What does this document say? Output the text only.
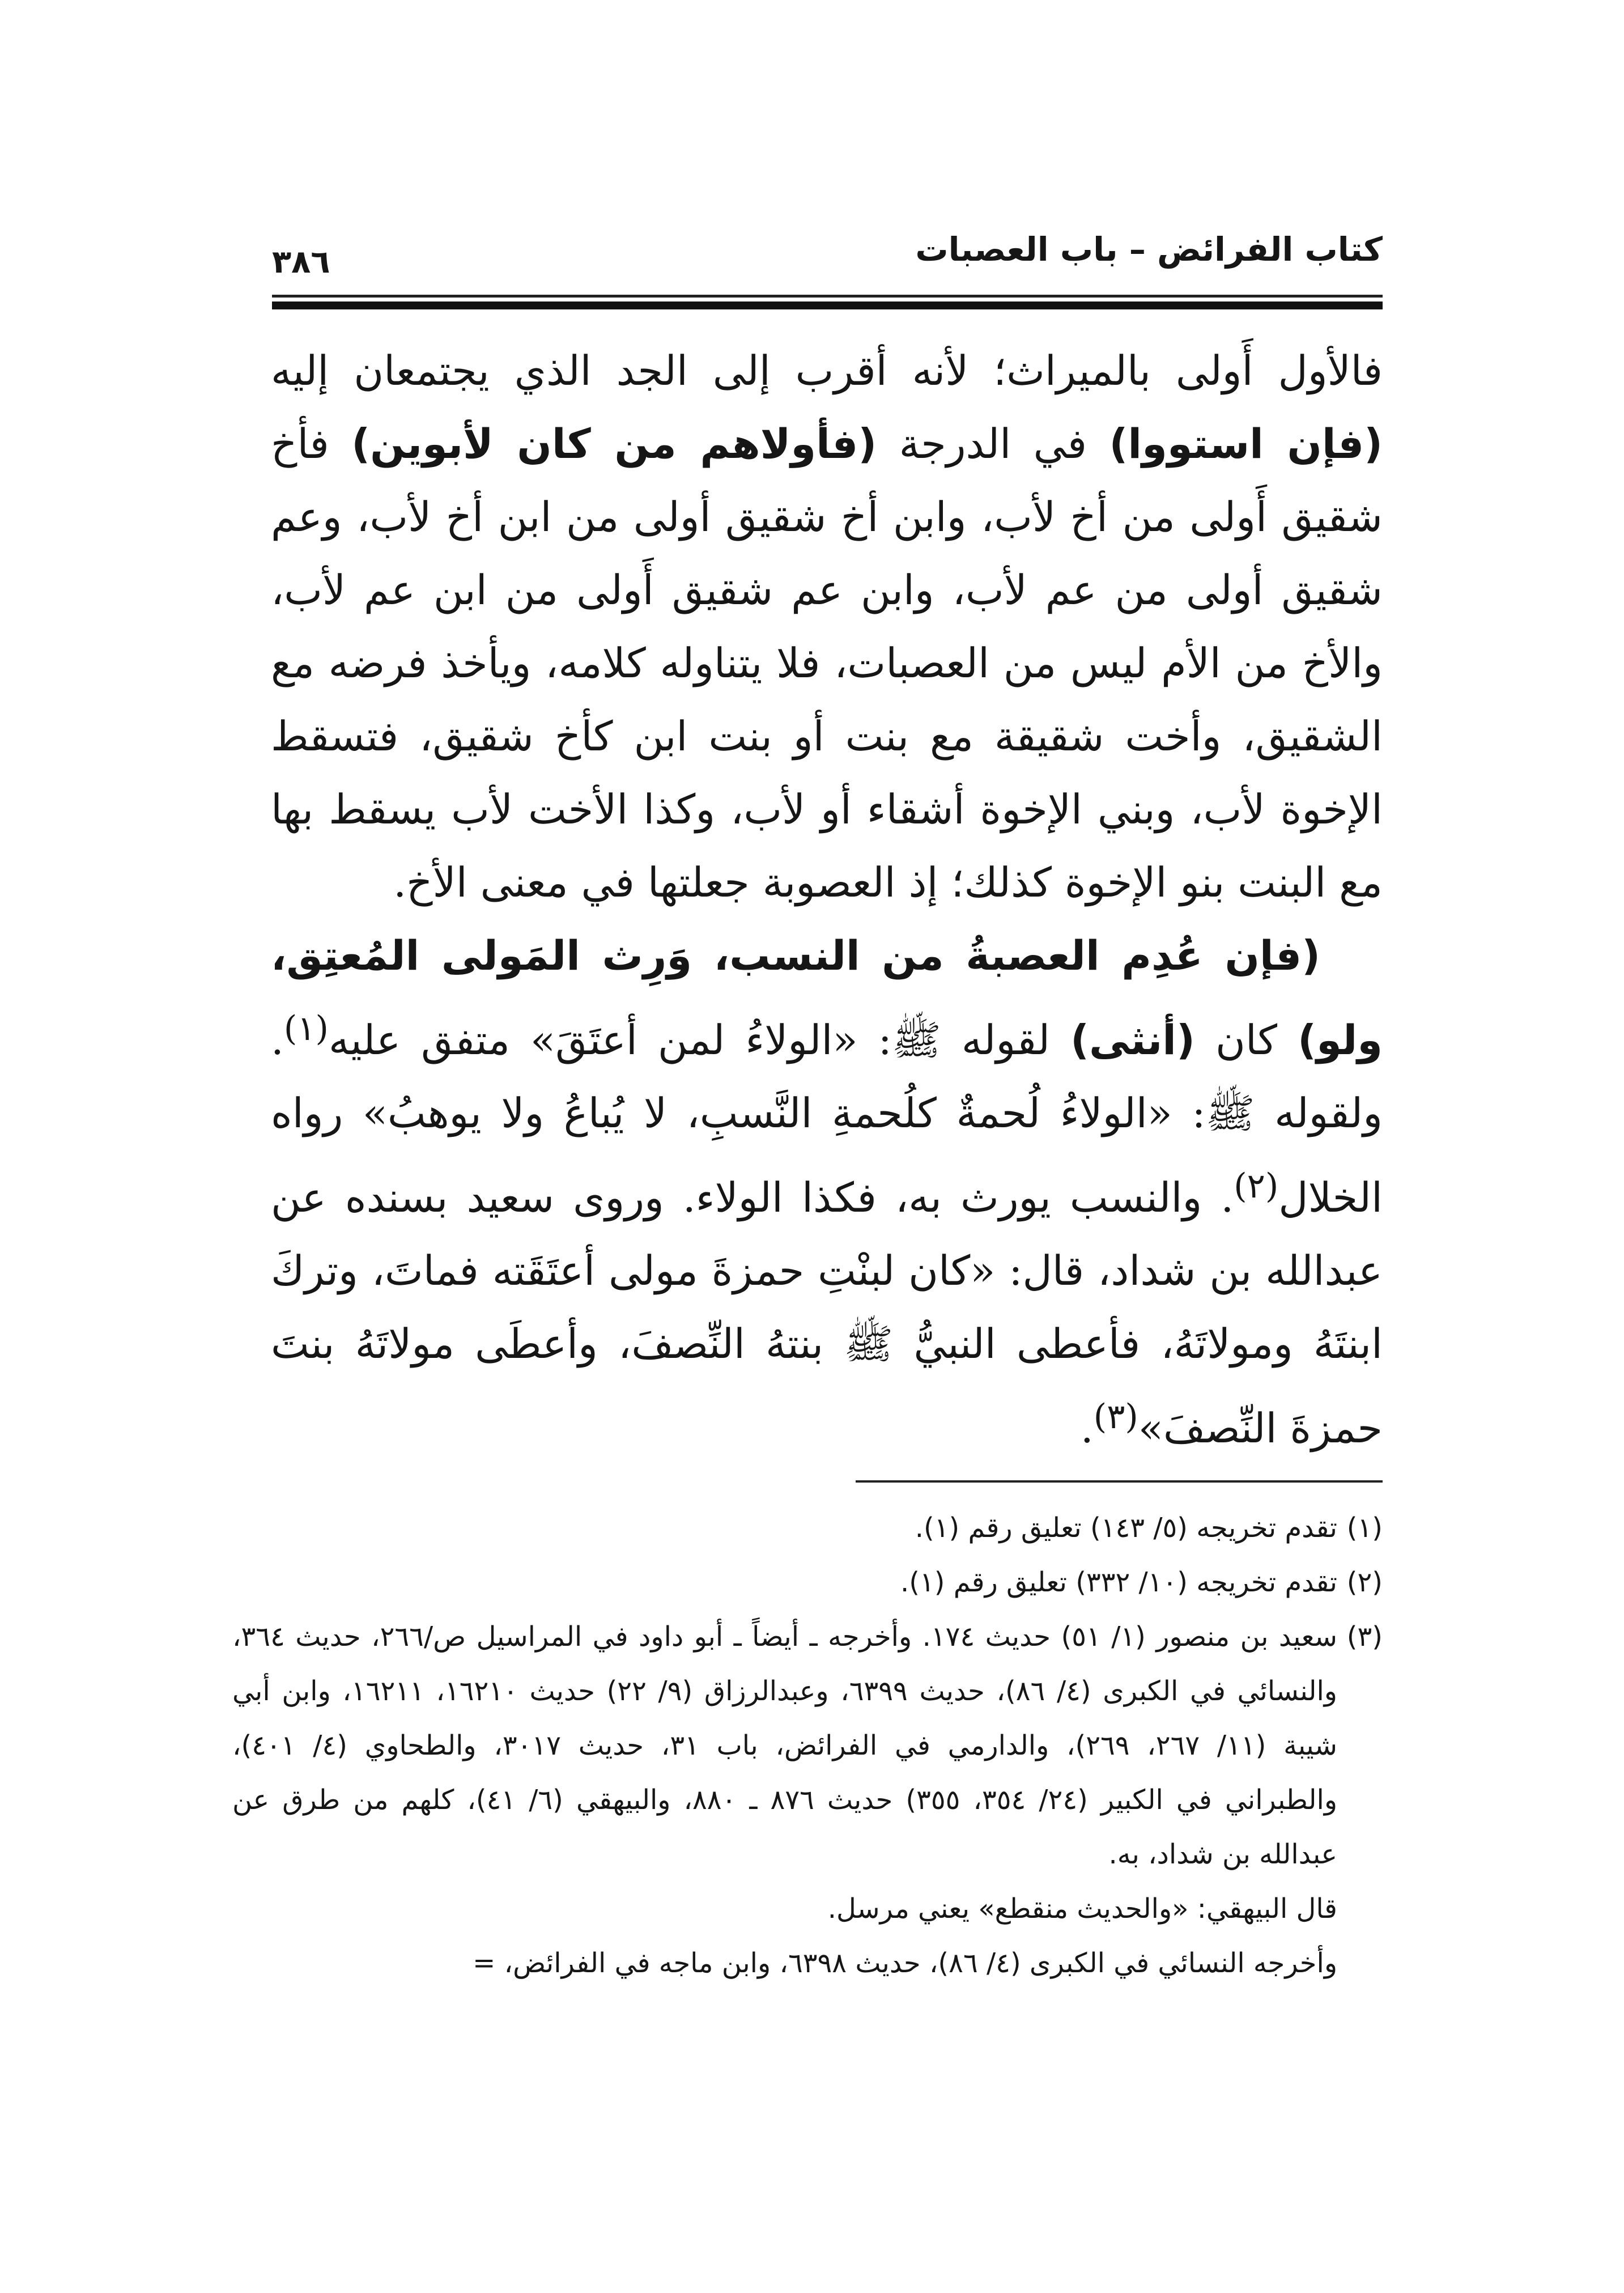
كتاب الفرائض – باب العصبات
٣٨٦

فالأول أَولى بالميراث؛ لأنه أقرب إلى الجد الذي يجتمعان إليه (فإن استووا) في الدرجة (فأولاهم من كان لأبوين) فأخ شقيق أَولى من أخ لأب، وابن أخ شقيق أولى من ابن أخ لأب، وعم شقيق أولى من عم لأب، وابن عم شقيق أَولى من ابن عم لأب، والأخ من الأم ليس من العصبات، فلا يتناوله كلامه، ويأخذ فرضه مع الشقيق، وأخت شقيقة مع بنت أو بنت ابن كأخ شقيق، فتسقط الإخوة لأب، وبني الإخوة أشقاء أو لأب، وكذا الأخت لأب يسقط بها مع البنت بنو الإخوة كذلك؛ إذ العصوبة جعلتها في معنى الأخ.

(فإن عُدِم العصبةُ من النسب، وَرِث المَولى المُعتِق، ولو) كان (أنثى) لقوله ﷺ: «الولاءُ لمن أعتَقَ» متفق عليه$^{(١)}$. ولقوله ﷺ: «الولاءُ لُحمةٌ كلُحمةِ النَّسبِ، لا يُباعُ ولا يوهبُ» رواه الخلال$^{(٢)}$. والنسب يورث به، فكذا الولاء. وروى سعيد بسنده عن عبدالله بن شداد، قال: «كان لبنْتِ حمزةَ مولى أعتَقَته فماتَ، وتركَ ابنتَهُ ومولاتَهُ، فأعطى النبيُّ ﷺ بنتهُ النِّصفَ، وأعطَى مولاتَهُ بنتَ حمزةَ النِّصفَ»$^{(٣)}$.

(١)
تقدم تخريجه (٥/ ١٤٣) تعليق رقم (١).
(٢)
تقدم تخريجه (١٠/ ٣٣٢) تعليق رقم (١).
(٣)
سعيد بن منصور (١/ ٥١) حديث ١٧٤. وأخرجه ـ أيضاً ـ أبو داود في المراسيل ص/٢٦٦، حديث ٣٦٤، والنسائي في الكبرى (٤/ ٨٦)، حديث ٦٣٩٩، وعبدالرزاق (٩/ ٢٢) حديث ١٦٢١٠، ١٦٢١١، وابن أبي شيبة (١١/ ٢٦٧، ٢٦٩)، والدارمي في الفرائض، باب ٣١، حديث ٣٠١٧، والطحاوي (٤/ ٤٠١)، والطبراني في الكبير (٢٤/ ٣٥٤، ٣٥٥) حديث ٨٧٦ ـ ٨٨٠، والبيهقي (٦/ ٤١)، كلهم من طرق عن عبدالله بن شداد، به.
قال البيهقي: «والحديث منقطع» يعني مرسل.
وأخرجه النسائي في الكبرى (٤/ ٨٦)، حديث ٦٣٩٨، وابن ماجه في الفرائض، =
